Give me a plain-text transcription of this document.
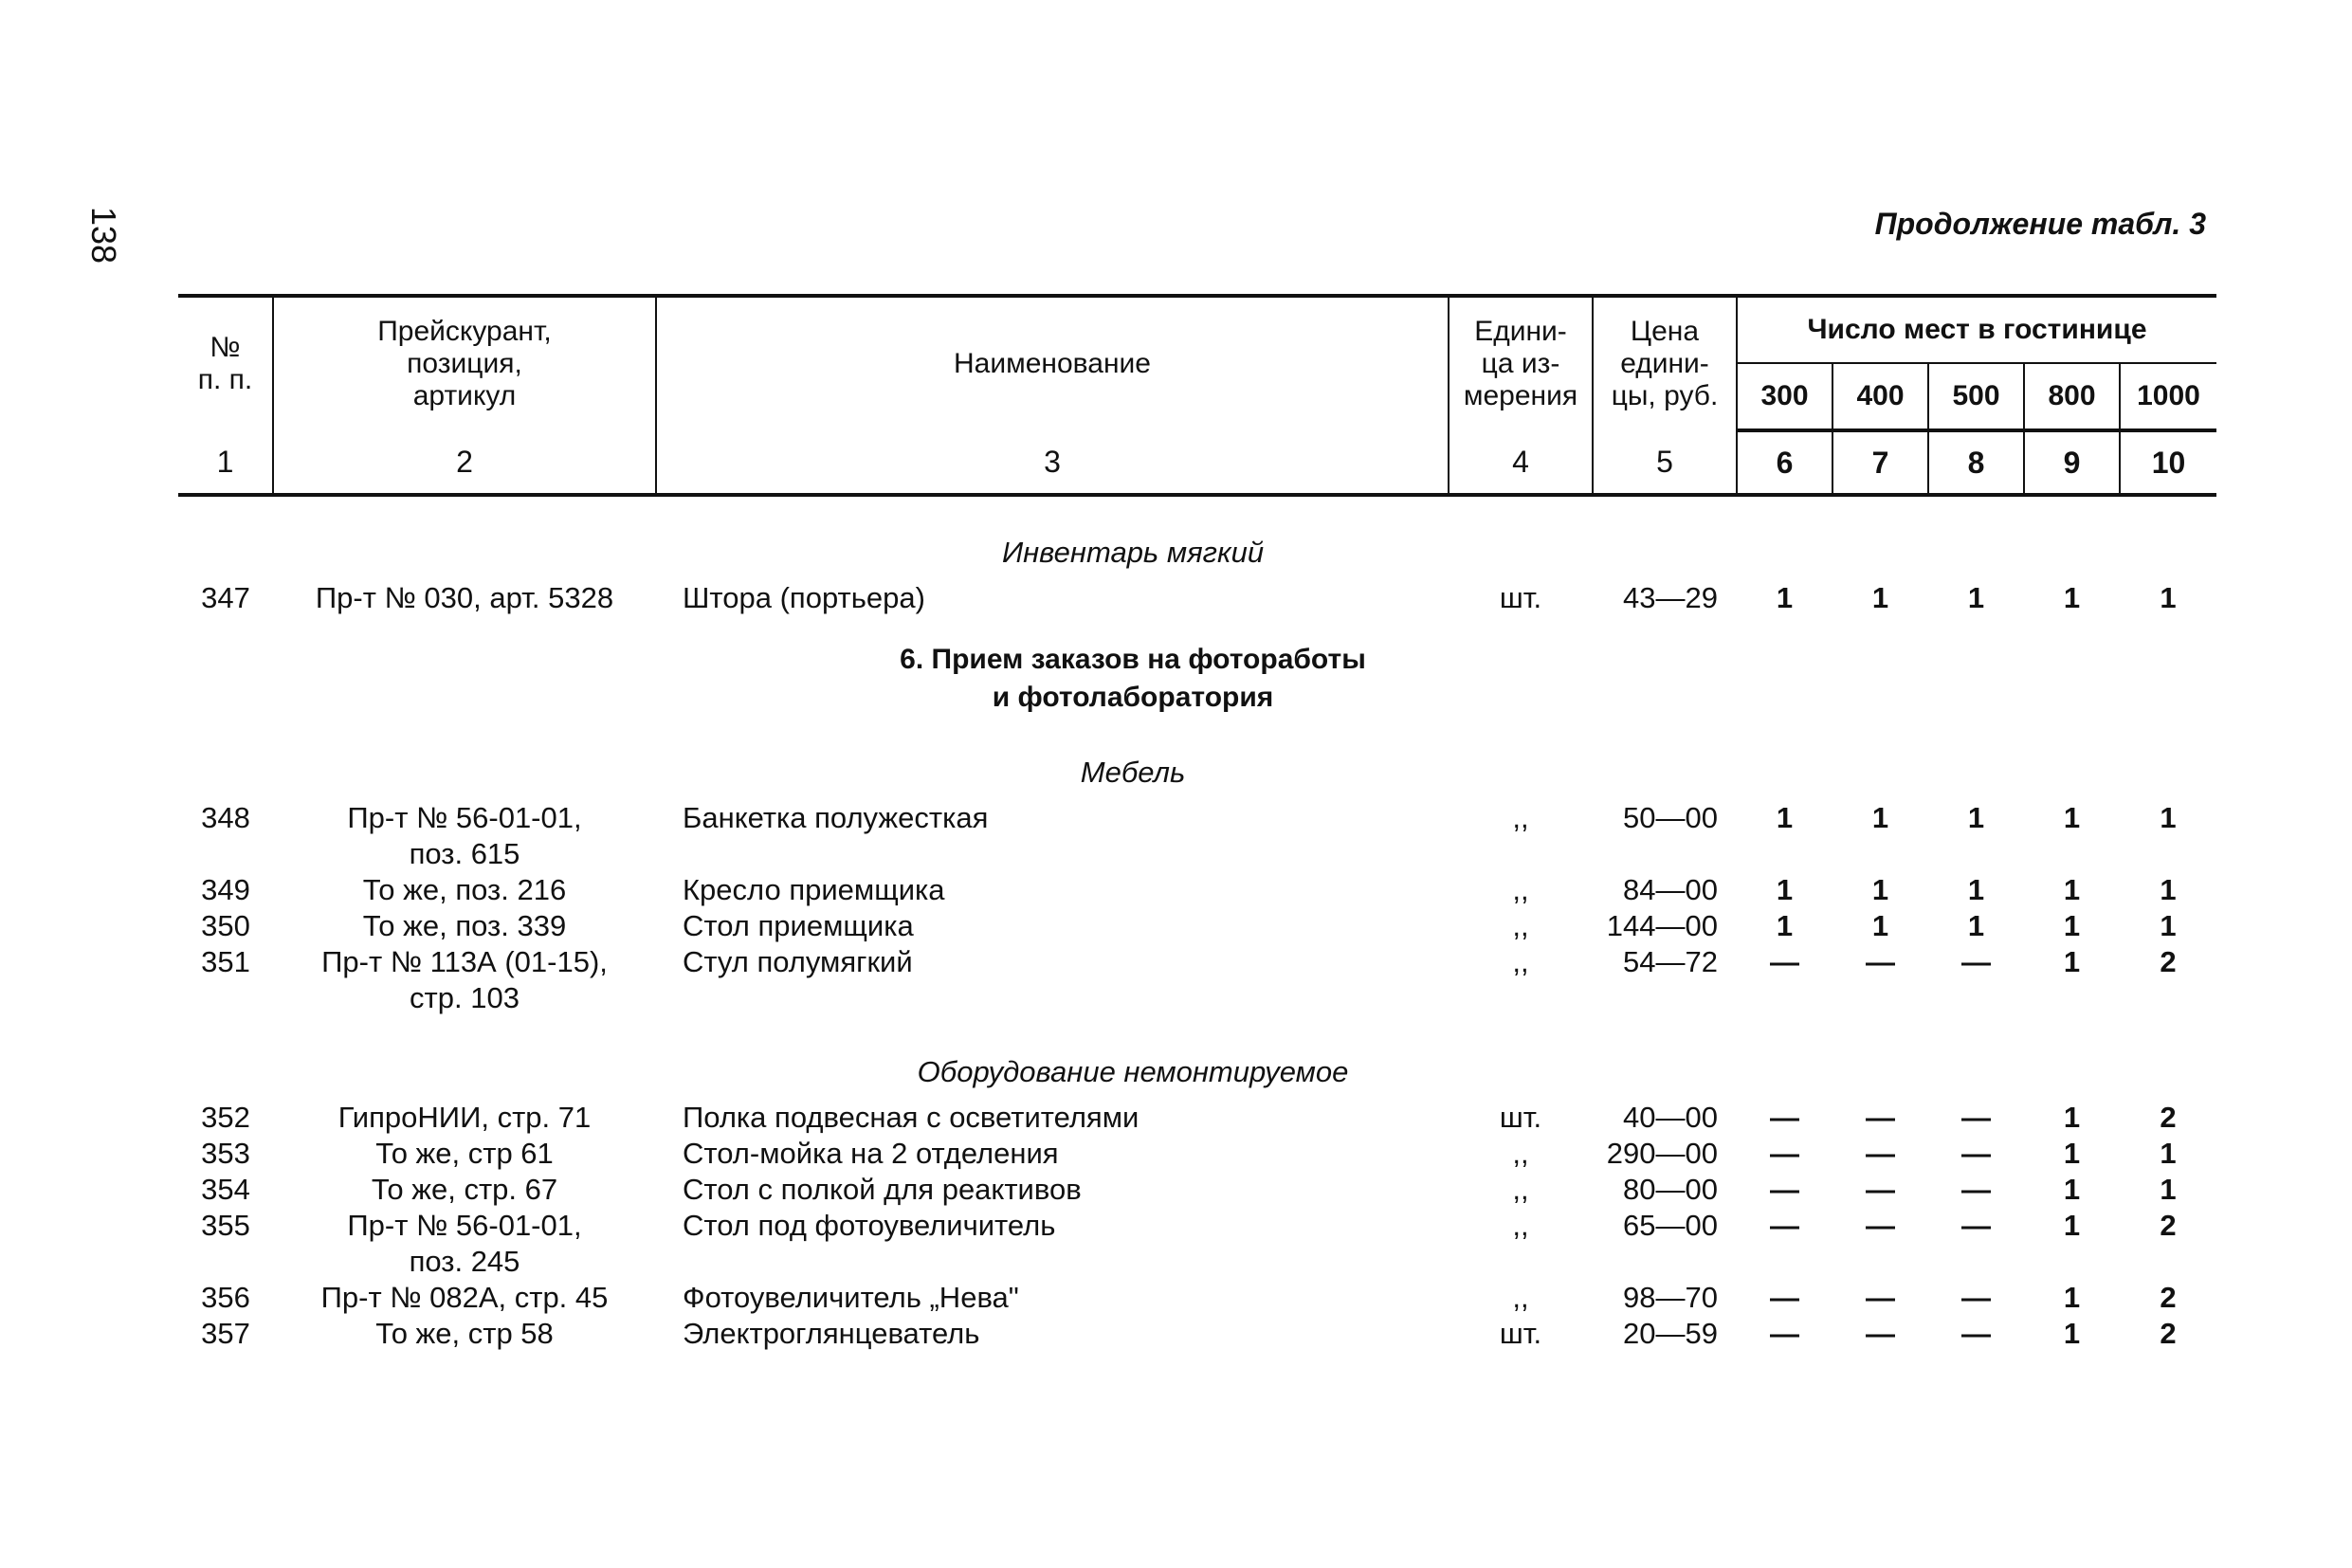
138	Продолжение табл. 3
№
п. п.	Прейскурант,
позиция,
артикул	Наименование	Едини-
ца из-
мерения	Цена
едини-
цы, руб.	Число мест в гостинице				
					300	400	500	800	1000
1	2	3	4	5	6	7	8	9	10
Инвентарь мягкий									
347	Пр-т № 030, арт. 5328	Штора (портьера)	шт.	43—29	1	1	1	1	1
6. Прием заказов на фотоработы
и фотолаборатория									
Мебель									
348	Пр-т № 56-01-01,
поз. 615	Банкетка полужесткая	,,	50—00	1	1	1	1	1
349	То же, поз. 216	Кресло приемщика	,,	84—00	1	1	1	1	1
350	То же, поз. 339	Стол приемщика	,,	144—00	1	1	1	1	1
351	Пр-т № 113А (01-15),
стр. 103	Стул полумягкий	,,	54—72	—	—	—	1	2
Оборудование немонтируемое									
352	ГипроНИИ, стр. 71	Полка подвесная с осветителями	шт.	40—00	—	—	—	1	2
353	То же, стр 61	Стол-мойка на 2 отделения	,,	290—00	—	—	—	1	1
354	То же, стр. 67	Стол с полкой для реактивов	,,	80—00	—	—	—	1	1
355	Пр-т № 56-01-01,
поз. 245	Стол под фотоувеличитель	,,	65—00	—	—	—	1	2
356	Пр-т № 082А, стр. 45	Фотоувеличитель „Нева"	,,	98—70	—	—	—	1	2
357	То же, стр 58	Электроглянцеватель	шт.	20—59	—	—	—	1	2
